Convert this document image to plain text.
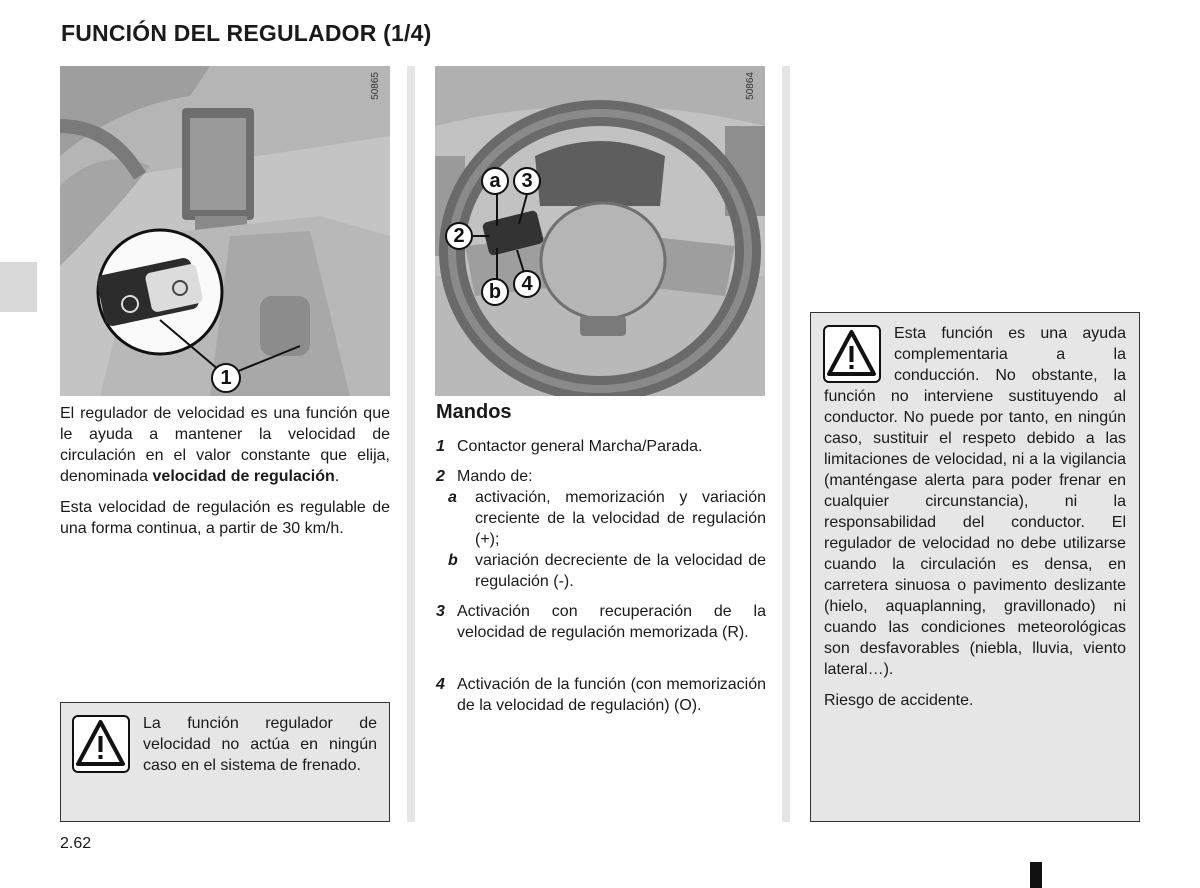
FUNCIÓN DEL REGULADOR (1/4)
1
50865
a 3
2
b 4
50864

El regulador de velocidad es una función que le ayuda a mantener la velocidad de circulación en el valor constante que elija, denominada velocidad de regulación.

Esta velocidad de regulación es regulable de una forma continua, a partir de 30 km/h.

La función regulador de velocidad no actúa en ningún caso en el sistema de frenado.
Mandos
1 Contactor general Marcha/Parada.
2 Mando de:
a activación, memorización y variación creciente de la velocidad de regulación (+);
b variación decreciente de la velocidad de regulación (-).
3 Activación con recuperación de la velocidad de regulación memorizada (R).
4 Activación de la función (con memorización de la velocidad de regulación) (O).
Esta función es una ayuda complementaria a la conducción. No obstante, la función no interviene sustituyendo al conductor. No puede por tanto, en ningún caso, sustituir el respeto debido a las limitaciones de velocidad, ni a la vigilancia (manténgase alerta para poder frenar en cualquier circunstancia), ni la responsabilidad del conductor. El regulador de velocidad no debe utilizarse cuando la circulación es densa, en carretera sinuosa o pavimento deslizante (hielo, aquaplanning, gravillonado) ni cuando las condiciones meteorológicas son desfavorables (niebla, lluvia, viento lateral…).
Riesgo de accidente.
2.62
